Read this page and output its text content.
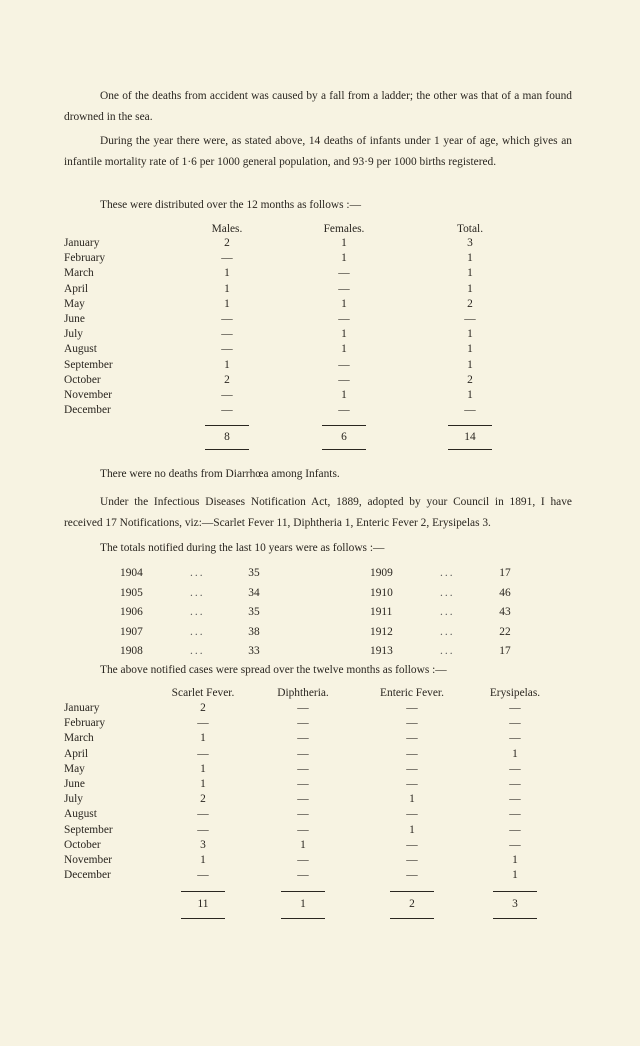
One of the deaths from accident was caused by a fall from a ladder; the other was that of a man found drowned in the sea.
During the year there were, as stated above, 14 deaths of infants under 1 year of age, which gives an infantile mortality rate of 1·6 per 1000 general population, and 93·9 per 1000 births registered.
These were distributed over the 12 months as follows :—
Males.	Females.	Total.
January	2	1	3
February	—	1	1
March	1	—	1
April	1	—	1
May	1	1	2
June	—	—	—
July	—	1	1
August	—	1	1
September	1	—	1
October	2	—	2
November	—	1	1
December	—	—	—
8	6	14
There were no deaths from Diarrhœa among Infants.
Under the Infectious Diseases Notification Act, 1889, adopted by your Council in 1891, I have received 17 Notifications, viz:—Scarlet Fever 11, Diphtheria 1, Enteric Fever 2, Erysipelas 3.
The totals notified during the last 10 years were as follows :—
1904	...	35	1909	...	17
1905	...	34	1910	...	46
1906	...	35	1911	...	43
1907	...	38	1912	...	22
1908	...	33	1913	...	17
The above notified cases were spread over the twelve months as follows :—
Scarlet Fever.	Diphtheria.	Enteric Fever.	Erysipelas.
January	2	—	—	—
February	—	—	—	—
March	1	—	—	—
April	—	—	—	1
May	1	—	—	—
June	1	—	—	—
July	2	—	1	—
August	—	—	—	—
September	—	—	1	—
October	3	1	—	—
November	1	—	—	1
December	—	—	—	1
11	1	2	3
